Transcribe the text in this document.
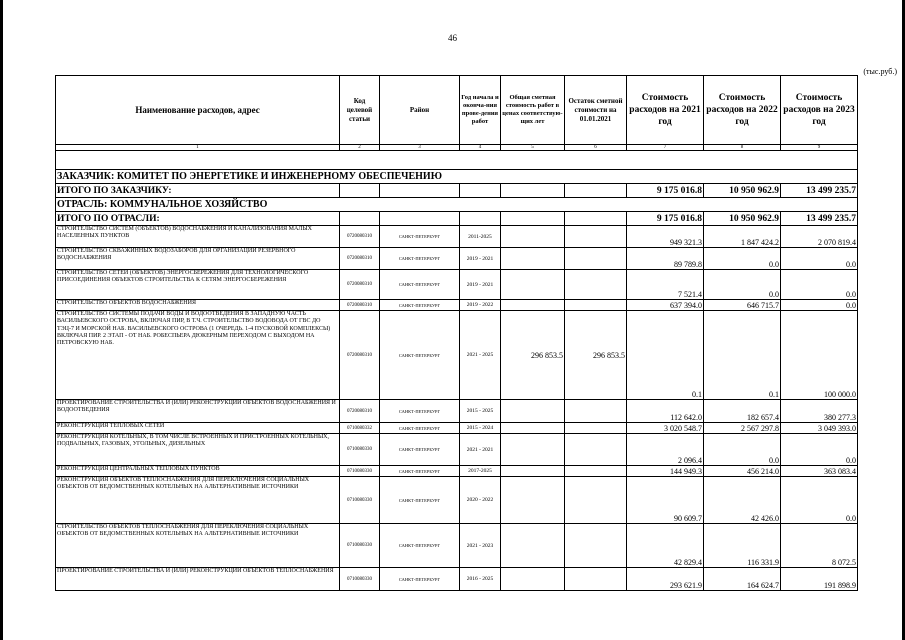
46
(тыс.руб.)
Наименование расходов, адрес	Код целевой статьи	Район	Год начала и оконча-ния прове-дения работ	Общая сметная стоимость работ в ценах соответствую-щих лет	Остаток сметной стоимости на 01.01.2021	Стоимость расходов на 2021 год	Стоимость расходов на 2022 год	Стоимость расходов на 2023 год
1	2	3	4	5	6	7	8	9

ЗАКАЗЧИК: КОМИТЕТ ПО ЭНЕРГЕТИКЕ И ИНЖЕНЕРНОМУ ОБЕСПЕЧЕНИЮ								
ИТОГО ПО ЗАКАЗЧИКУ:						9 175 016.8	10 950 962.9	13 499 235.7
ОТРАСЛЬ: КОММУНАЛЬНОЕ ХОЗЯЙСТВО								
ИТОГО ПО ОТРАСЛИ:						9 175 016.8	10 950 962.9	13 499 235.7
СТРОИТЕЛЬСТВО СИСТЕМ (ОБЪЕКТОВ) ВОДОСНАБЖЕНИЯ И КАНАЛИЗОВАНИЯ МАЛЫХ НАСЕЛЕННЫХ ПУНКТОВ	0720080310	САНКТ-ПЕТЕРБУРГ	2011-2025			949 321.3	1 847 424.2	2 070 819.4
СТРОИТЕЛЬСТВО СКВАЖИННЫХ ВОДОЗАБОРОВ ДЛЯ ОРГАНИЗАЦИИ РЕЗЕРВНОГО ВОДОСНАБЖЕНИЯ	0720080310	САНКТ-ПЕТЕРБУРГ	2019 - 2021			89 789.8	0.0	0.0
СТРОИТЕЛЬСТВО СЕТЕЙ (ОБЪЕКТОВ) ЭНЕРГОСБЕРЕЖЕНИЯ ДЛЯ ТЕХНОЛОГИЧЕСКОГО ПРИСОЕДИНЕНИЯ ОБЪЕКТОВ СТРОИТЕЛЬСТВА К СЕТЯМ ЭНЕРГОСБЕРЕЖЕНИЯ	0720080310	САНКТ-ПЕТЕРБУРГ	2019 - 2021			7 521.4	0.0	0.0
СТРОИТЕЛЬСТВО ОБЪЕКТОВ ВОДОСНАБЖЕНИЯ	0720080310	САНКТ-ПЕТЕРБУРГ	2019 - 2022			637 394.0	646 715.7	0.0
СТРОИТЕЛЬСТВО СИСТЕМЫ ПОДАЧИ ВОДЫ И ВОДООТВЕДЕНИЯ В ЗАПАДНУЮ ЧАСТЬ ВАСИЛЬЕВСКОГО ОСТРОВА, ВКЛЮЧАЯ ПИР, В Т.Ч. СТРОИТЕЛЬСТВО ВОДОВОДА ОТ ГВС ДО ТЭЦ-7 И МОРСКОЙ НАБ. ВАСИЛЬЕВСКОГО ОСТРОВА (1 ОЧЕРЕДЬ. 1-4 ПУСКОВОЙ КОМПЛЕКСЫ) ВКЛЮЧАЯ ПИР. 2 ЭТАП - ОТ НАБ. РОБЕСПЬЕРА ДЮКЕРНЫМ ПЕРЕХОДОМ С ВЫХОДОМ НА ПЕТРОВСКУЮ НАБ.	0720080310	САНКТ-ПЕТЕРБУРГ	2021 - 2025	296 853.5	296 853.5	0.1	0.1	100 000.0
ПРОЕКТИРОВАНИЕ СТРОИТЕЛЬСТВА И (ИЛИ) РЕКОНСТРУКЦИИ ОБЪЕКТОВ ВОДОСНАБЖЕНИЯ И ВОДООТВЕДЕНИЯ	0720080310	САНКТ-ПЕТЕРБУРГ	2015 - 2025			112 642.0	182 657.4	380 277.3
РЕКОНСТРУКЦИЯ ТЕПЛОВЫХ СЕТЕЙ	0710080332	САНКТ-ПЕТЕРБУРГ	2015 - 2024			3 020 548.7	2 567 297.8	3 049 393.0
РЕКОНСТРУКЦИЯ КОТЕЛЬНЫХ, В ТОМ ЧИСЛЕ ВСТРОЕННЫХ И ПРИСТРОЕННЫХ КОТЕЛЬНЫХ, ПОДВАЛЬНЫХ, ГАЗОВЫХ, УГОЛЬНЫХ, ДИЗЕЛЬНЫХ	0710080330	САНКТ-ПЕТЕРБУРГ	2021 - 2021			2 096.4	0.0	0.0
РЕКОНСТРУКЦИЯ ЦЕНТРАЛЬНЫХ ТЕПЛОВЫХ ПУНКТОВ	0710080330	САНКТ-ПЕТЕРБУРГ	2017-2025			144 949.3	456 214.0	363 083.4
РЕКОНСТРУКЦИЯ ОБЪЕКТОВ ТЕПЛОСНАБЖЕНИЯ ДЛЯ ПЕРЕКЛЮЧЕНИЯ СОЦИАЛЬНЫХ ОБЪЕКТОВ ОТ ВЕДОМСТВЕННЫХ КОТЕЛЬНЫХ НА АЛЬТЕРНАТИВНЫЕ ИСТОЧНИКИ	0710080330	САНКТ-ПЕТЕРБУРГ	2020 - 2022			90 609.7	42 426.0	0.0
СТРОИТЕЛЬСТВО ОБЪЕКТОВ ТЕПЛОСНАБЖЕНИЯ ДЛЯ ПЕРЕКЛЮЧЕНИЯ СОЦИАЛЬНЫХ ОБЪЕКТОВ ОТ ВЕДОМСТВЕННЫХ КОТЕЛЬНЫХ НА АЛЬТЕРНАТИВНЫЕ ИСТОЧНИКИ	0710080330	САНКТ-ПЕТЕРБУРГ	2021 - 2023			42 829.4	116 331.9	8 072.5
ПРОЕКТИРОВАНИЕ СТРОИТЕЛЬСТВА И (ИЛИ) РЕКОНСТРУКЦИИ ОБЪЕКТОВ ТЕПЛОСНАБЖЕНИЯ	0710080330	САНКТ-ПЕТЕРБУРГ	2016 - 2025			293 621.9	164 624.7	191 898.9
